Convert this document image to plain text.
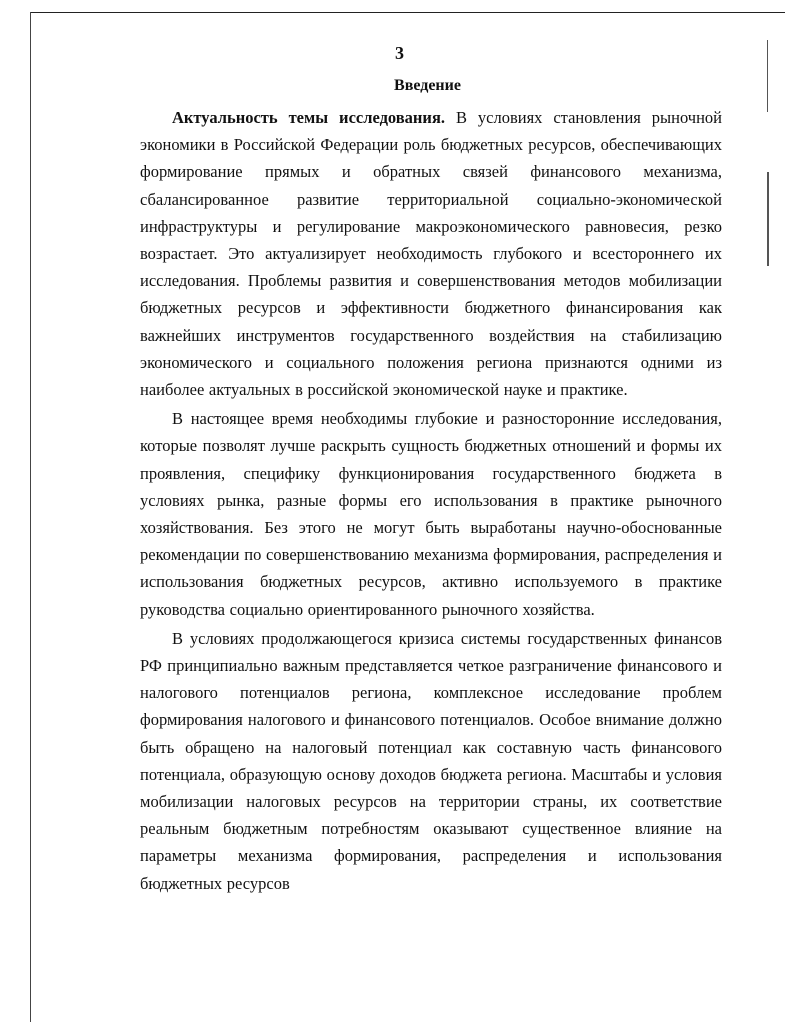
3
Введение

Актуальность темы исследования. В условиях становления рыночной экономики в Российской Федерации роль бюджетных ресурсов, обеспечивающих формирование прямых и обратных связей финансового механизма, сбалансированное развитие территориальной социально-экономической инфраструктуры и регулирование макроэкономического равновесия, резко возрастает. Это актуализирует необходимость глубокого и всестороннего их исследования. Проблемы развития и совершенствования методов мобилизации бюджетных ресурсов и эффективности бюджетного финансирования как важнейших инструментов государственного воздействия на стабилизацию экономического и социального положения региона признаются одними из наиболее актуальных в российской экономической науке и практике.

В настоящее время необходимы глубокие и разносторонние исследования, которые позволят лучше раскрыть сущность бюджетных отношений и формы их проявления, специфику функционирования государственного бюджета в условиях рынка, разные формы его использования в практике рыночного хозяйствования. Без этого не могут быть выработаны научно-обоснованные рекомендации по совершенствованию механизма формирования, распределения и использования бюджетных ресурсов, активно используемого в практике руководства социально ориентированного рыночного хозяйства.

В условиях продолжающегося кризиса системы государственных финансов РФ принципиально важным представляется четкое разграничение финансового и налогового потенциалов региона, комплексное исследование проблем формирования налогового и финансового потенциалов. Особое внимание должно быть обращено на налоговый потенциал как составную часть финансового потенциала, образующую основу доходов бюджета региона. Масштабы и условия мобилизации налоговых ресурсов на территории страны, их соответствие реальным бюджетным потребностям оказывают существенное влияние на параметры механизма формирования, распределения и использования бюджетных ресурсов
